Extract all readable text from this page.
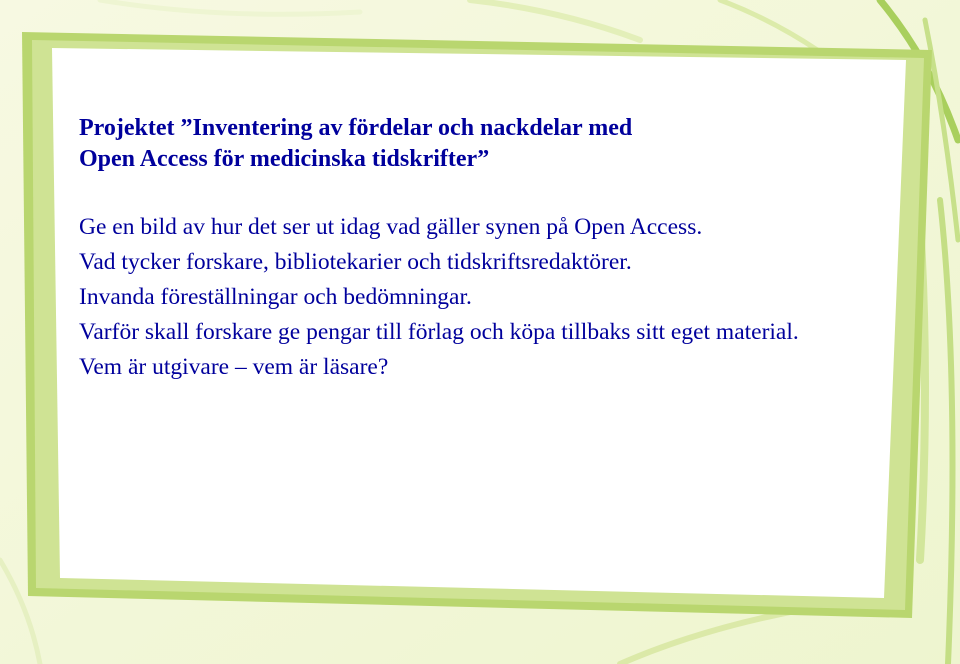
Projektet ”Inventering av fördelar och nackdelar med
Open Access för medicinska tidskrifter”
Ge en bild av hur det ser ut idag vad gäller synen på Open Access.
Vad tycker forskare, bibliotekarier och tidskriftsredaktörer.
Invanda föreställningar och bedömningar.
Varför skall forskare ge pengar till förlag och köpa tillbaks sitt eget material.
Vem är utgivare – vem är läsare?
